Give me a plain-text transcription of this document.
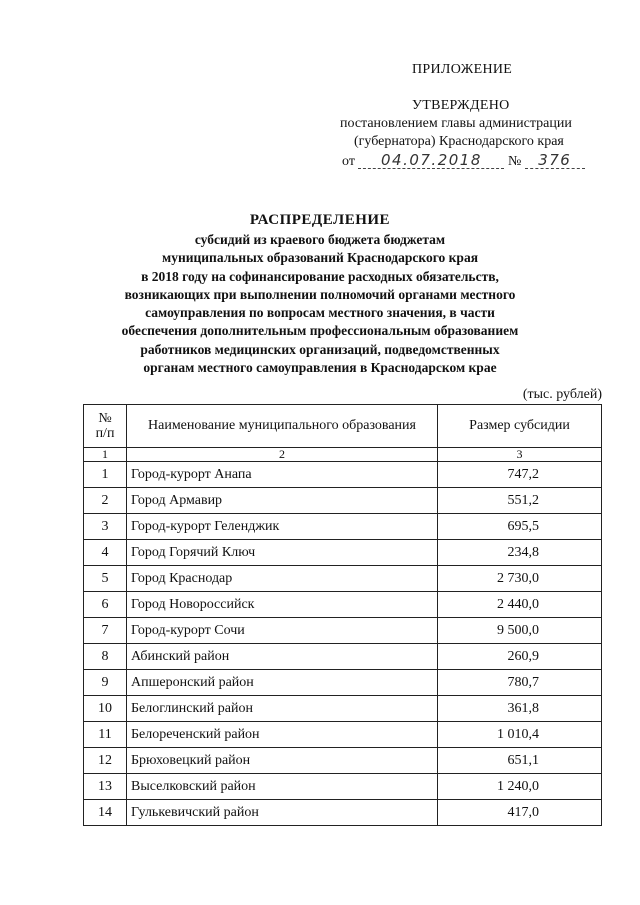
ПРИЛОЖЕНИЕ
УТВЕРЖДЕНО
постановлением главы администрации
(губернатора) Краснодарского края
от 04.07.2018 № 376
РАСПРЕДЕЛЕНИЕ
субсидий из краевого бюджета бюджетам
муниципальных образований Краснодарского края
в 2018 году на софинансирование расходных обязательств,
возникающих при выполнении полномочий органами местного
самоуправления по вопросам местного значения, в части
обеспечения дополнительным профессиональным образованием
работников медицинских организаций, подведомственных
органам местного самоуправления в Краснодарском крае
(тыс. рублей)
№
п/п	Наименование муниципального образования	Размер субсидии
1	2	3
1	Город-курорт Анапа	747,2
2	Город Армавир	551,2
3	Город-курорт Геленджик	695,5
4	Город Горячий Ключ	234,8
5	Город Краснодар	2 730,0
6	Город Новороссийск	2 440,0
7	Город-курорт Сочи	9 500,0
8	Абинский район	260,9
9	Апшеронский район	780,7
10	Белоглинский район	361,8
11	Белореченский район	1 010,4
12	Брюховецкий район	651,1
13	Выселковский район	1 240,0
14	Гулькевичский район	417,0
